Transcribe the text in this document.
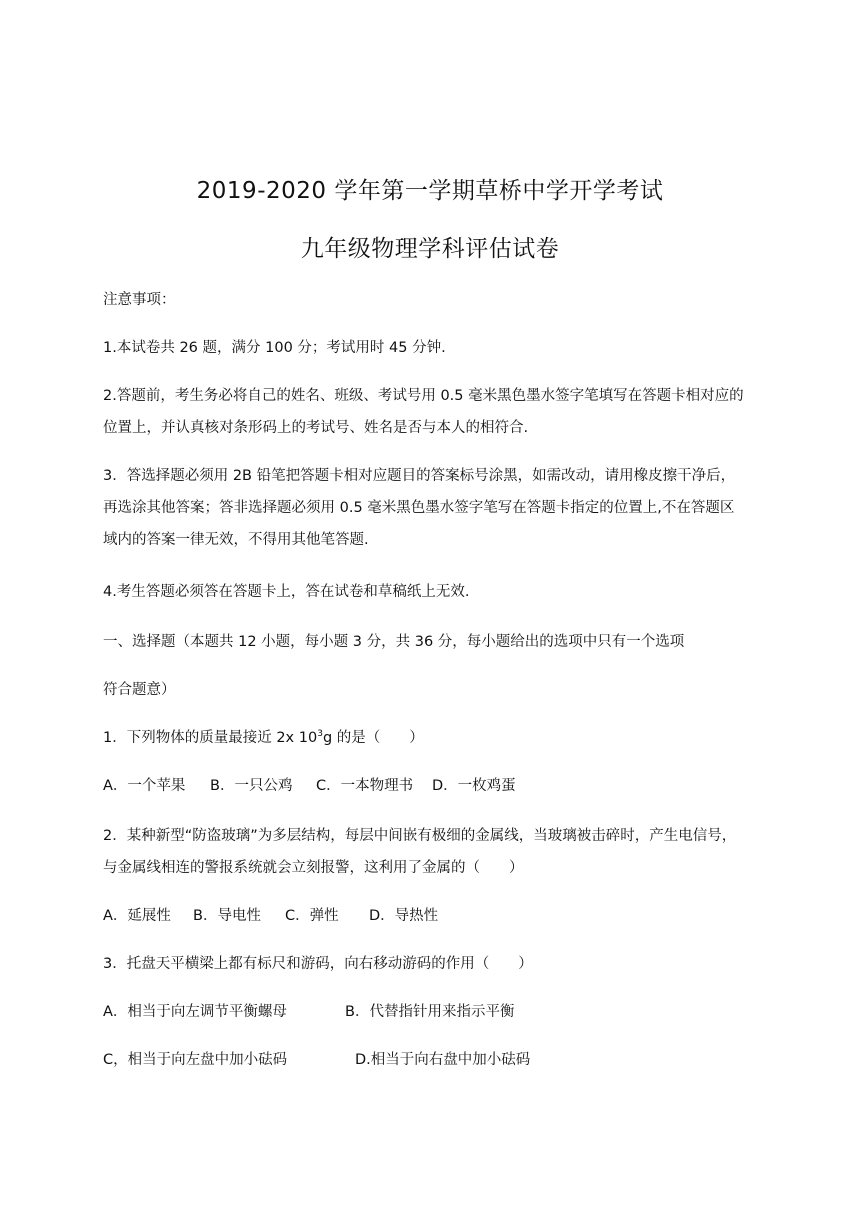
2019-2020 学年第一学期草桥中学开学考试
九年级物理学科评估试卷
注意事项：
1.本试卷共 26 题，满分 100 分；考试用时 45 分钟.
2.答题前，考生务必将自己的姓名、班级、考试号用 0.5 毫米黑色墨水签字笔填写在答题卡相对应的
位置上，并认真核对条形码上的考试号、姓名是否与本人的相符合.
3．答选择题必须用 2B 铅笔把答题卡相对应题目的答案标号涂黑，如需改动，请用橡皮擦干净后，
再选涂其他答案；答非选择题必须用 0.5 毫米黑色墨水签字笔写在答题卡指定的位置上,不在答题区
域内的答案一律无效，不得用其他笔答题.
4.考生答题必须答在答题卡上，答在试卷和草稿纸上无效.
一、选择题（本题共 12 小题，每小题 3 分，共 36 分，每小题给出的选项中只有一个选项
符合题意）
1．下列物体的质量最接近 2x $10^3g$ 的是（　　）
A．一个苹果	B．一只公鸡	C．一本物理书	D．一枚鸡蛋
2．某种新型“防盗玻璃”为多层结构，每层中间嵌有极细的金属线，当玻璃被击碎时，产生电信号，
与金属线相连的警报系统就会立刻报警，这利用了金属的（　　）
A．延展性	B．导电性	C．弹性	D．导热性
3．托盘天平横梁上都有标尺和游码，向右移动游码的作用（　　）
A．相当于向左调节平衡螺母	B．代替指针用来指示平衡
C，相当于向左盘中加小砝码	D.相当于向右盘中加小砝码
